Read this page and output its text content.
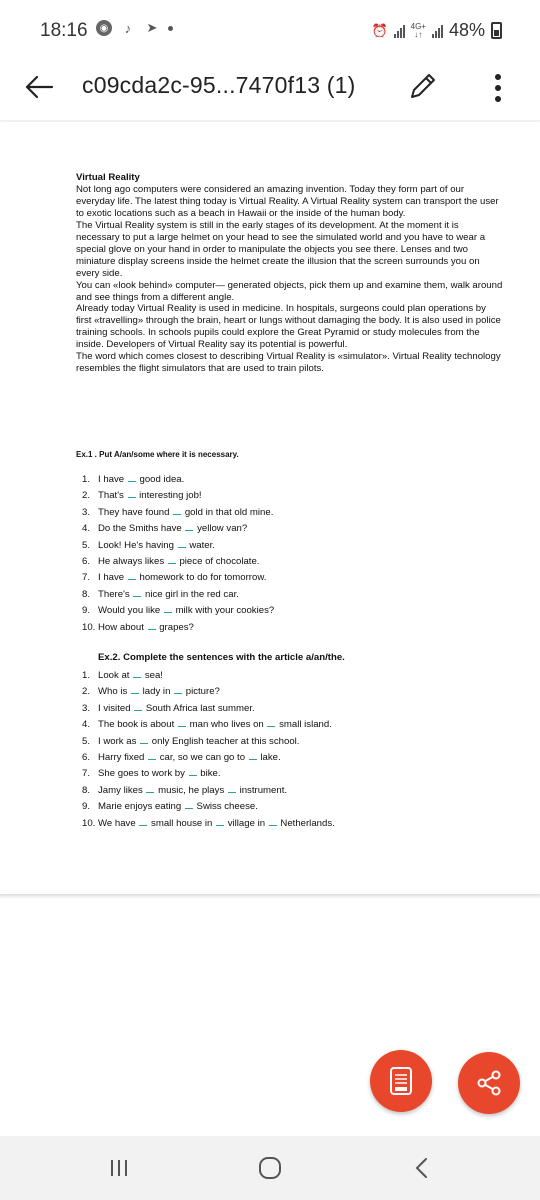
18:16	◉	♪	➤	⏰	4G+
↓↑ 48%
c09cda2c-95...7470f13 (1)

Virtual Reality

Not long ago computers were considered an amazing invention. Today they form part of our everyday life. The latest thing today is Virtual Reality. A Virtual Reality system can transport the user to exotic locations such as a beach in Hawaii or the inside of the human body.

The Virtual Reality system is still in the early stages of its development. At the moment it is necessary to put a large helmet on your head to see the simulated world and you have to wear a special glove on your hand in order to manipulate the objects you see there. Lenses and two miniature display screens inside the helmet create the illusion that the screen surrounds you on every side.

You can «look behind» computer— generated objects, pick them up and examine them, walk around and see things from a different angle.

Already today Virtual Reality is used in medicine. In hospitals, surgeons could plan operations by first «travelling» through the brain, heart or lungs without damaging the body. It is also used in police training schools. In schools pupils could explore the Great Pyramid or study molecules from the inside. Developers of Virtual Reality say its potential is powerful.

The word which comes closest to describing Virtual Reality is «simulator». Virtual Reality technology resembles the flight simulators that are used to train pilots.

Ex.1 . Put A/an/some where it is necessary.
1. I have good idea.
2. That's interesting job!
3. They have found gold in that old mine.
4. Do the Smiths have yellow van?
5. Look! He's having water.
6. He always likes piece of chocolate.
7. I have homework to do for tomorrow.
8. There's nice girl in the red car.
9. Would you like milk with your cookies?
10. How about grapes?
Ex.2. Complete the sentences with the article a/an/the.
1. Look at sea!
2. Who is lady in picture?
3. I visited South Africa last summer.
4. The book is about man who lives on small island.
5. I work as only English teacher at this school.
6. Harry fixed car, so we can go to lake.
7. She goes to work by bike.
8. Jamy likes music, he plays instrument.
9. Marie enjoys eating Swiss cheese.
10. We have small house in village in Netherlands.
